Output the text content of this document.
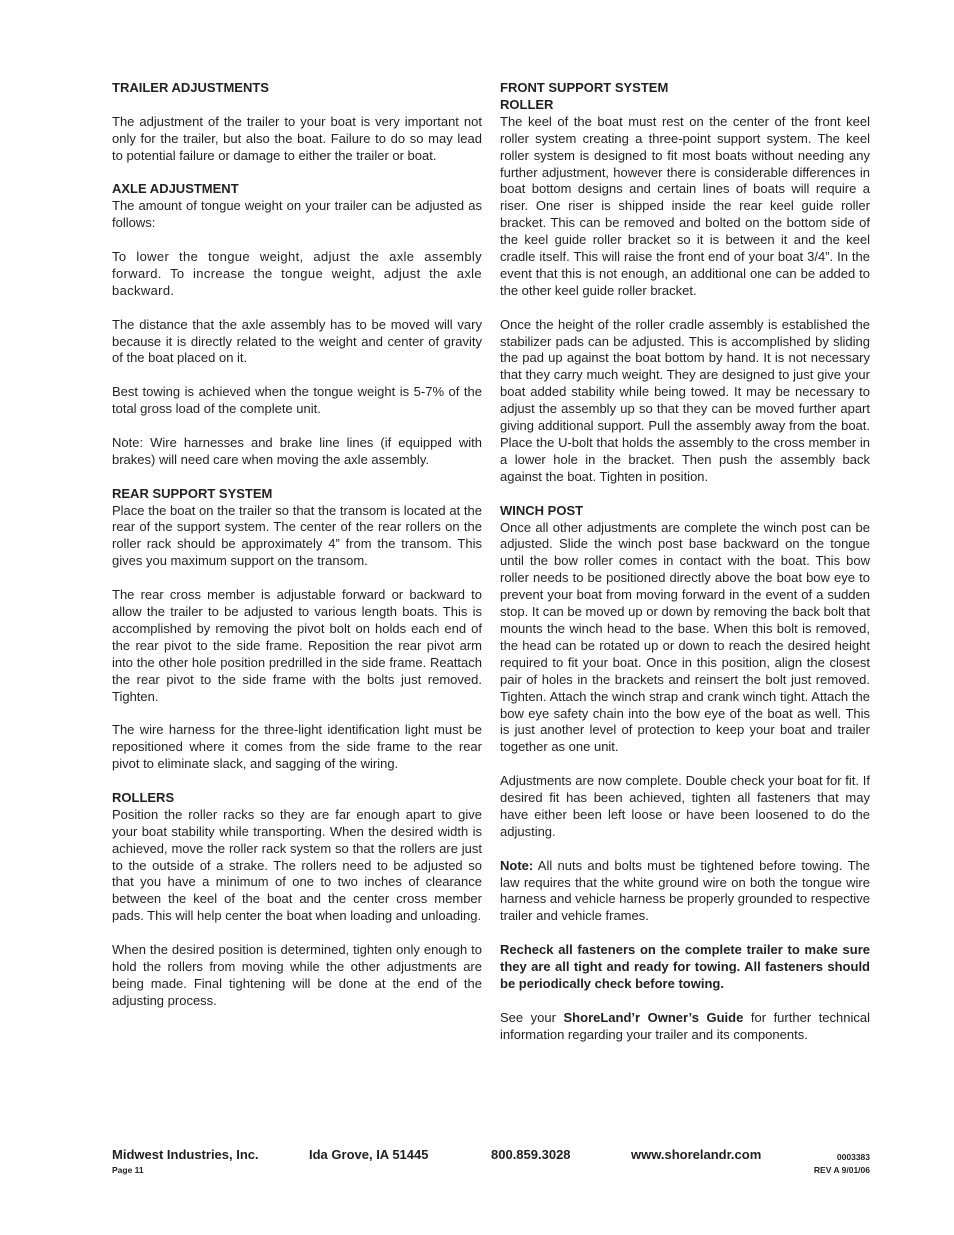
TRAILER ADJUSTMENTS

The adjustment of the trailer to your boat is very important not only for the trailer, but also the boat. Failure to do so may lead to potential failure or damage to either the trailer or boat.

AXLE ADJUSTMENT

The amount of tongue weight on your trailer can be adjusted as follows:

To lower the tongue weight, adjust the axle assembly forward. To increase the tongue weight, adjust the axle backward.

The distance that the axle assembly has to be moved will vary because it is directly related to the weight and center of gravity of the boat placed on it.

Best towing is achieved when the tongue weight is 5-7% of the total gross load of the complete unit.

Note: Wire harnesses and brake line lines (if equipped with brakes) will need care when moving the axle assembly.

REAR SUPPORT SYSTEM

Place the boat on the trailer so that the transom is located at the rear of the support system. The center of the rear rollers on the roller rack should be approximately 4” from the transom. This gives you maximum support on the transom.

The rear cross member is adjustable forward or backward to allow the trailer to be adjusted to various length boats. This is accomplished by removing the pivot bolt on holds each end of the rear pivot to the side frame. Reposition the rear pivot arm into the other hole position predrilled in the side frame. Reattach the rear pivot to the side frame with the bolts just removed. Tighten.

The wire harness for the three-light identification light must be repositioned where it comes from the side frame to the rear pivot to eliminate slack, and sagging of the wiring.

ROLLERS

Position the roller racks so they are far enough apart to give your boat stability while transporting. When the desired width is achieved, move the roller rack system so that the rollers are just to the outside of a strake. The rollers need to be adjusted so that you have a minimum of one to two inches of clearance between the keel of the boat and the center cross member pads. This will help center the boat when loading and unloading.

When the desired position is determined, tighten only enough to hold the rollers from moving while the other adjustments are being made. Final tightening will be done at the end of the adjusting process.

FRONT SUPPORT SYSTEM
ROLLER

The keel of the boat must rest on the center of the front keel roller system creating a three-point support system. The keel roller system is designed to fit most boats without needing any further adjustment, however there is considerable differences in boat bottom designs and certain lines of boats will require a riser. One riser is shipped inside the rear keel guide roller bracket. This can be removed and bolted on the bottom side of the keel guide roller bracket so it is between it and the keel cradle itself. This will raise the front end of your boat 3/4”. In the event that this is not enough, an additional one can be added to the other keel guide roller bracket.

Once the height of the roller cradle assembly is established the stabilizer pads can be adjusted. This is accomplished by sliding the pad up against the boat bottom by hand. It is not necessary that they carry much weight. They are designed to just give your boat added stability while being towed. It may be necessary to adjust the assembly up so that they can be moved further apart giving additional support. Pull the assembly away from the boat. Place the U-bolt that holds the assembly to the cross member in a lower hole in the bracket. Then push the assembly back against the boat. Tighten in position.

WINCH POST

Once all other adjustments are complete the winch post can be adjusted. Slide the winch post base backward on the tongue until the bow roller comes in contact with the boat. This bow roller needs to be positioned directly above the boat bow eye to prevent your boat from moving forward in the event of a sudden stop. It can be moved up or down by removing the back bolt that mounts the winch head to the base. When this bolt is removed, the head can be rotated up or down to reach the desired height required to fit your boat. Once in this position, align the closest pair of holes in the brackets and reinsert the bolt just removed. Tighten. Attach the winch strap and crank winch tight. Attach the bow eye safety chain into the bow eye of the boat as well. This is just another level of protection to keep your boat and trailer together as one unit.

Adjustments are now complete. Double check your boat for fit. If desired fit has been achieved, tighten all fasteners that may have either been left loose or have been loosened to do the adjusting.

Note: All nuts and bolts must be tightened before towing. The law requires that the white ground wire on both the tongue wire harness and vehicle harness be properly grounded to respective trailer and vehicle frames.

Recheck all fasteners on the complete trailer to make sure they are all tight and ready for towing. All fasteners should be periodically check before towing.

See your ShoreLand’r Owner’s Guide for further technical information regarding your trailer and its components.

Midwest Industries, Inc.	Ida Grove, IA 51445	800.859.3028	www.shorelandr.com	0003383
Page 11	REV A 9/01/06
